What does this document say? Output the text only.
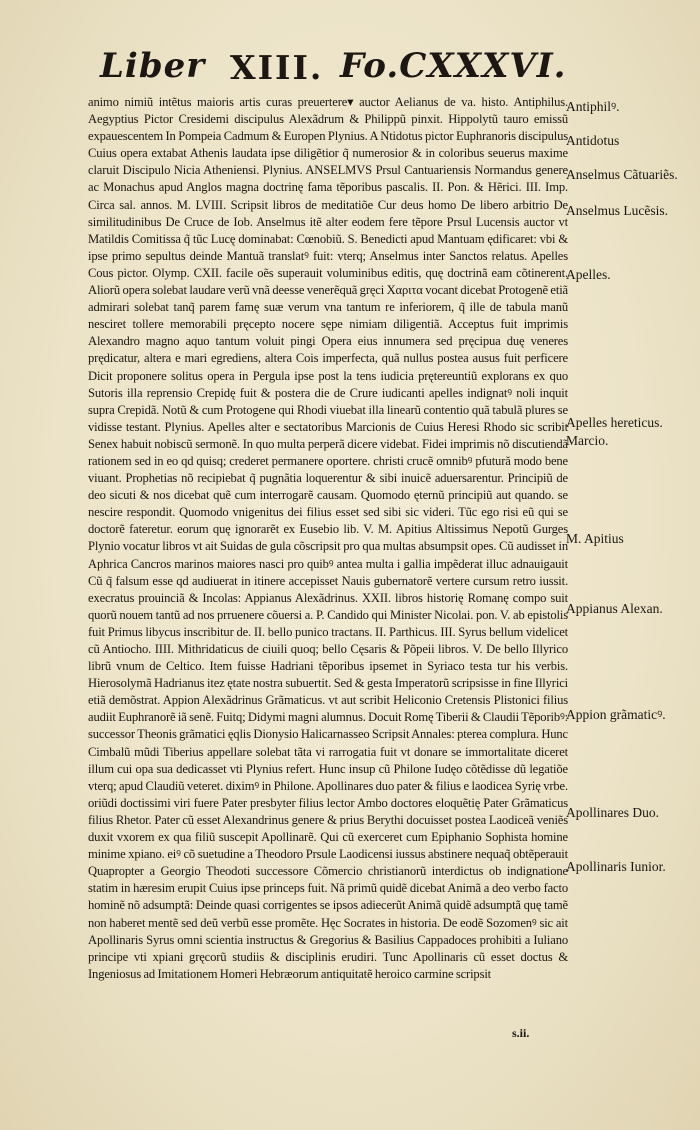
Liber XIII. Fo.CXXXVI.

animo nimiũ intẽtus maioris artis curas preuertere▾ auctor Aelianus de va. histo. Antiphilus. Aegyptius Pictor Cresidemi discipulus Alexãdrum & Philippũ pinxit. Hippolytũ tauro emissũ expauescentem In Pompeia Cadmum & Europen Plynius. A Ntidotus pictor Euphranoris discipulus Cuius opera extabat Athenis laudata ipse diligẽtior q̃ numerosior & in coloribus seuerus maxime claruit Discipulo Nicia Atheniensi. Plynius. ANSELMVS Prsul Cantuariensis Normandus genere ac Monachus apud Anglos magna doctrinę fama tẽporibus pascalis. II. Pon. & Hẽrici. III. Imp. Circa sal. annos. M. LVIII. Scripsit libros de meditatiõe Cur deus homo De libero arbitrio De similitudinibus De Cruce de Iob. Anselmus itẽ alter eodem fere tẽpore Prsul Lucensis auctor vt Matildis Comitissa q̃ tũc Lucę dominabat: Cœnobiũ. S. Benedicti apud Mantuam ędificaret: vbi & ipse primo sepultus deinde Mantuã translatꝰ fuit: vterq; Anselmus inter Sanctos relatus. Apelles Cous pictor. Olymp. CXII. facile oẽs superauit voluminibus editis, quę doctrinã eam cõtinerent. Aliorũ opera solebat laudare verũ vnã deesse venerẽquã gręci Χαριτα vocant dicebat Protogenẽ etiã admirari solebat tanq̃ parem famę suæ verum vna tantum re inferiorem, q̃ ille de tabula manũ nesciret tollere memorabili pręcepto nocere sępe nimiam diligentiã. Acceptus fuit imprimis Alexandro magno aquo tantum voluit pingi Opera eius innumera sed pręcipua duę veneres prędicatur, altera e mari egrediens, altera Cois imperfecta, quã nullus postea ausus fuit perficere Dicit proponere solitus opera in Pergula ipse post la tens iudicia prętereuntiũ explorans ex quo Sutoris illa reprensio Crepidę fuit & postera die de Crure iudicanti apelles indignatꝰ noli inquit supra Crepidã. Notũ & cum Protogene qui Rhodi viuebat illa linearũ contentio quã tabulã plures se vidisse testant. Plynius. Apelles alter e sectatoribus Marcionis de Cuius Heresi Rhodo sic scribit Senex habuit nobiscũ sermonẽ. In quo multa perperã dicere videbat. Fidei imprimis nõ discutiendã rationem sed in eo qd quisq; crederet permanere oportere. christi crucẽ omnibꝰ pfutură modo bene viuant. Prophetias nõ recipiebat q̃ pugnãtia loquerentur & sibi inuicẽ aduersarentur. Principiũ de deo sicuti & nos dicebat quẽ cum interrogarẽ causam. Quomodo ęternũ principiũ aut quando. se nescire respondit. Quomodo vnigenitus dei filius esset sed sibi sic videri. Tũc ego risi eũ qui se doctorẽ fateretur. eorum quę ignorarẽt ex Eusebio lib. V. M. Apitius Altissimus Nepotũ Gurges Plynio vocatur libros vt ait Suidas de gula cõscripsit pro qua multas absumpsit opes. Cũ audisset in Aphrica Cancros marinos maiores nasci pro quibꝰ antea multa i gallia impẽderat illuc adnauigauit Cũ q̃ falsum esse qd audiuerat in itinere accepisset Nauis gubernatorẽ vertere cursum retro iussit. execratus prouinciã & Incolas: Appianus Alexãdrinus. XXII. libros historię Romanę compo suit quorũ nouem tantũ ad nos prruenere cõuersi a. P. Candido qui Minister Nicolai. pon. V. ab epistolis fuit Primus libycus inscribitur de. II. bello punico tractans. II. Parthicus. III. Syrus bellum videlicet cũ Antiocho. IIII. Mithridaticus de ciuili quoq; bello Cęsaris & Põpeii libros. V. De bello Illyrico librũ vnum de Celtico. Item fuisse Hadriani tẽporibus ipsemet in Syriaco testa tur his verbis. Hierosolymã Hadrianus itez ętate nostra subuertit. Sed & gesta Imperatorũ scripsisse in fine Illyrici etiã demõstrat. Appion Alexãdrinus Grãmaticus. vt aut scribit Heliconio Cretensis Plistonici filius audiit Euphranorẽ iã senẽ. Fuitq; Didymi magni alumnus. Docuit Romę Tiberii & Claudii Tẽporibꝰ: successor Theonis grãmatici ęqlis Dionysio Halicarnasseo Scripsit Annales: pterea complura. Hunc Cimbalũ mũdi Tiberius appellare solebat tãta vi rarrogatia fuit vt donare se immortalitate diceret illum cui opa sua dedicasset vti Plynius refert. Hunc insup cũ Philone Iudęo cõtẽdisse dũ legatiõe vterq; apud Claudiũ veteret. diximꝰ in Philone. Apollinares duo pater & filius e laodicea Syrię vrbe. oriũdi doctissimi viri fuere Pater presbyter filius lector Ambo doctores eloquẽtię Pater Grãmaticus filius Rhetor. Pater cũ esset Alexandrinus genere & prius Berythi docuisset postea Laodiceã veniẽs duxit vxorem ex qua filiũ suscepit Apollinarẽ. Qui cũ exerceret cum Epiphanio Sophista homine minime xpiano. eiꝰ cõ suetudine a Theodoro Prsule Laodicensi iussus abstinere nequaq̃ obtẽperauit Quapropter a Georgio Theodoti successore Cõmercio christianorũ interdictus ob indignatione statim in hæresim erupit Cuius ipse princeps fuit. Nã primũ quidẽ dicebat Animã a deo verbo facto hominẽ nõ adsumptã: Deinde quasi corrigentes se ipsos adiecerũt Animã quidẽ adsumptã quę tamẽ non haberet mentẽ sed deũ verbũ esse promẽte. Hęc Socrates in historia. De eodẽ Sozomenꝰ sic ait Apollinaris Syrus omni scientia instructus & Gregorius & Basilius Cappadoces prohibiti a Iuliano principe vti xpiani gręcorũ studiis & disciplinis erudiri. Tunc Apollinaris cũ esset doctus & Ingeniosus ad Imitationem Homeri Hebræorum antiquitatẽ heroico carmine scripsit

Antiphilꝰ.
Antidotus
Anselmus Cãtuariẽs.
Anselmus Lucẽsis.
Apelles.
Apelles hereticus. Marcio.
M. Apitius
Appianus Alexan.
Appion grãmaticꝰ.
Apollinares Duo.
Apollinaris Iunior.
s.ii.
